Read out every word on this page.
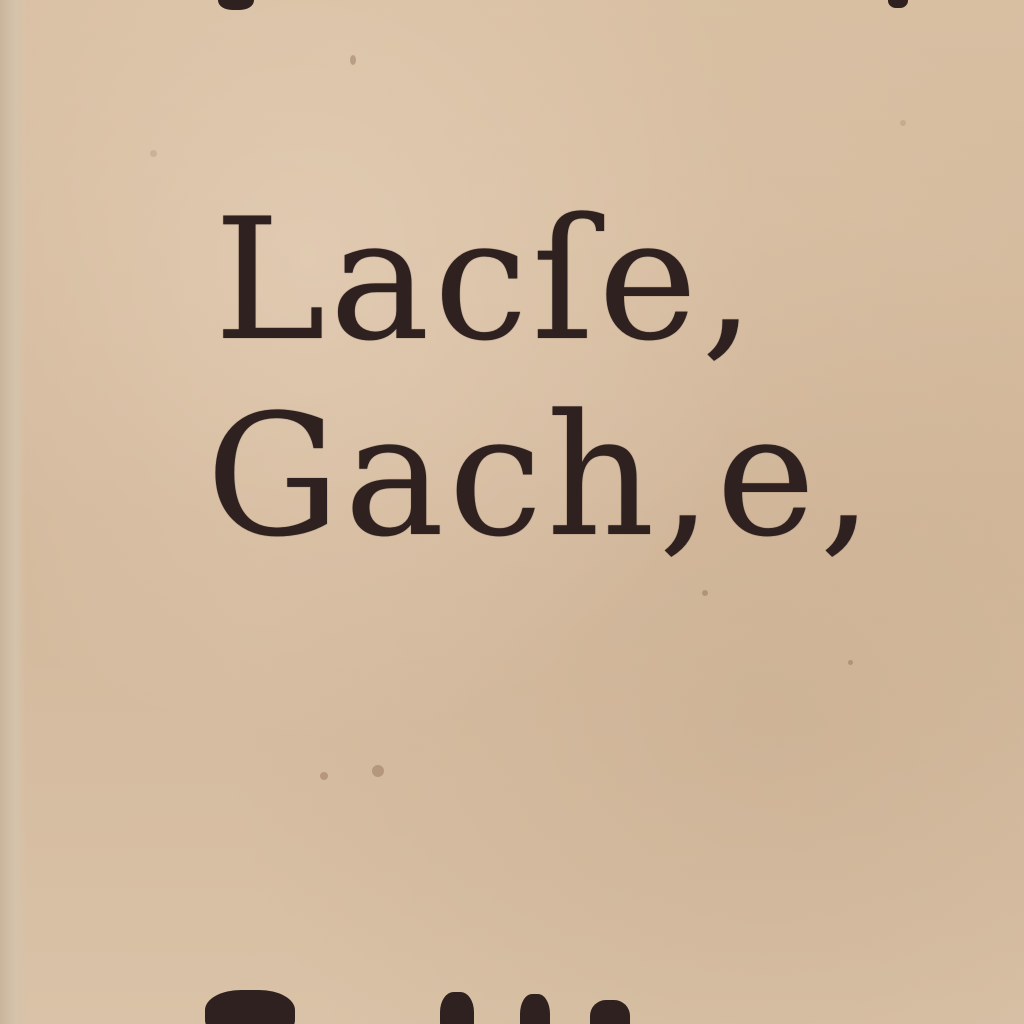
Lacſe,
Gach,e,
